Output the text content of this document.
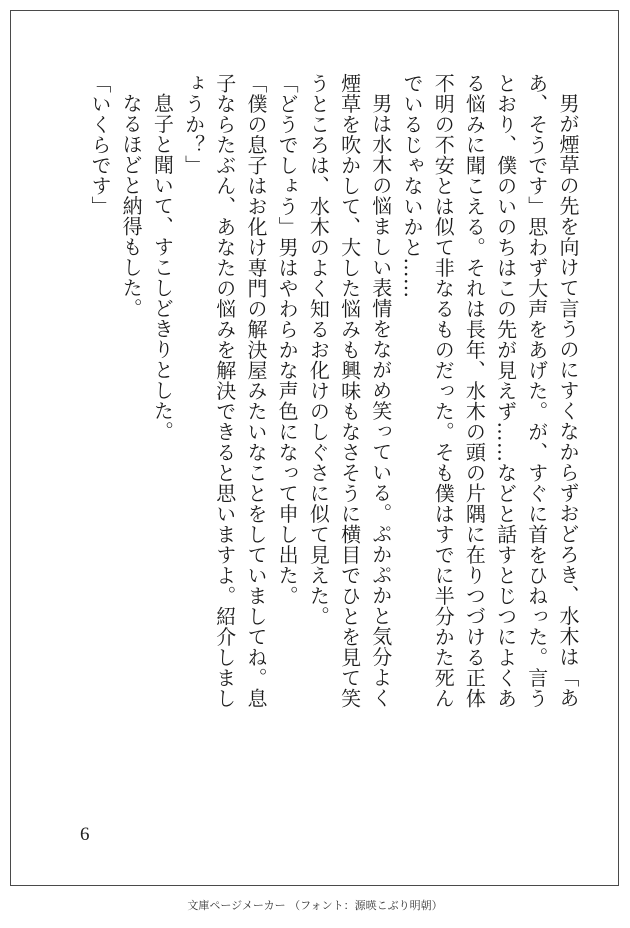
男が煙草の先を向けて言うのにすくなからずおどろき、水木は「ああ、そうです」思わず大声をあげた。が、すぐに首をひねった。言うとおり、僕のいのちはこの先が見えず……などと話すとじつによくある悩みに聞こえる。それは長年、水木の頭の片隅に在りつづける正体不明の不安とは似て非なるものだった。そも僕はすでに半分かた死んでいるじゃないかと……

男は水木の悩ましい表情をながめ笑っている。ぷかぷかと気分よく煙草を吹かして、大した悩みも興味もなさそうに横目でひとを見て笑うところは、水木のよく知るお化けのしぐさに似て見えた。

「どうでしょう」男はやわらかな声色になって申し出た。

「僕の息子はお化け専門の解決屋みたいなことをしていましてね。息子ならたぶん、あなたの悩みを解決できると思いますよ。紹介しましょうか？」

息子と聞いて、すこしどきりとした。

なるほどと納得もした。

「いくらです」

6
文庫ページメーカー （フォント：源暎こぶり明朝）
